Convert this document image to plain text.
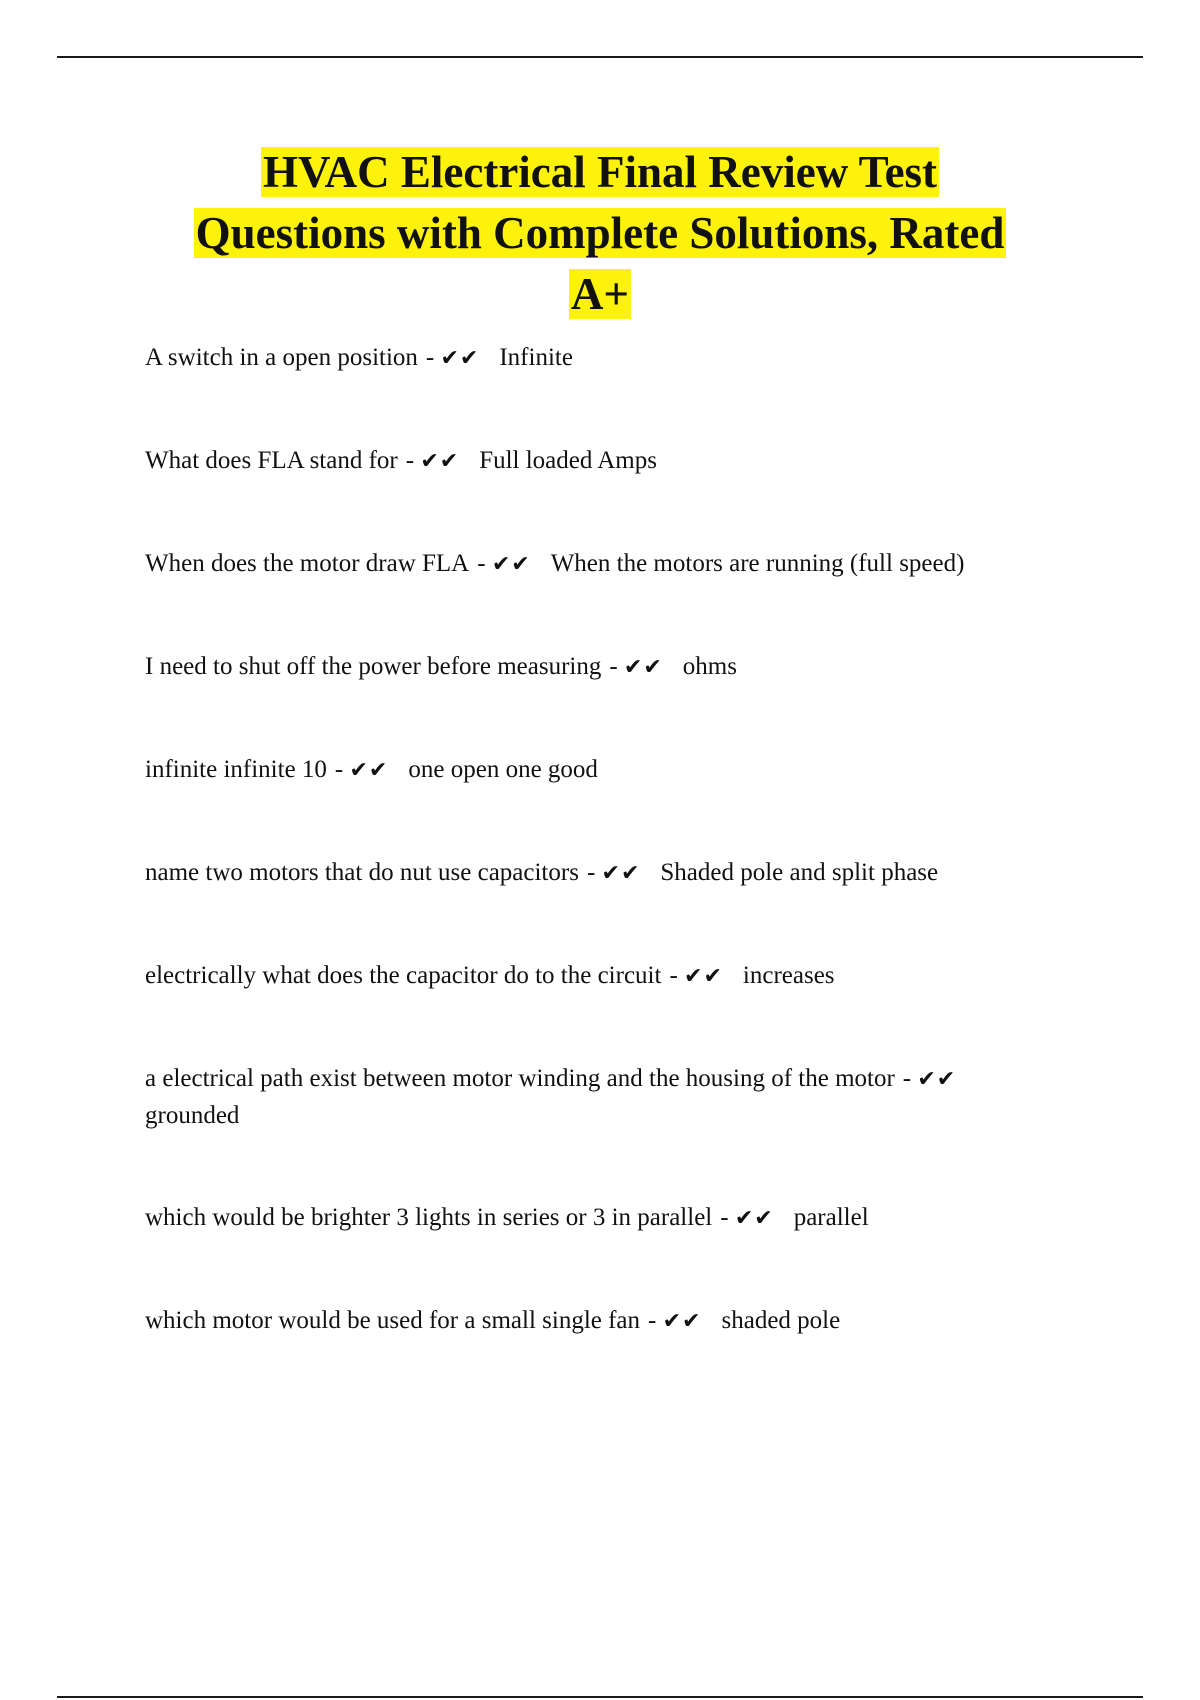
HVAC Electrical Final Review Test
Questions with Complete Solutions, Rated
A+

A switch in a open position - ✔✔ Infinite

What does FLA stand for - ✔✔ Full loaded Amps

When does the motor draw FLA - ✔✔ When the motors are running (full speed)

I need to shut off the power before measuring - ✔✔ ohms

infinite infinite 10 - ✔✔ one open one good

name two motors that do nut use capacitors - ✔✔ Shaded pole and split phase

electrically what does the capacitor do to the circuit - ✔✔ increases

a electrical path exist between motor winding and the housing of the motor - ✔✔
grounded

which would be brighter 3 lights in series or 3 in parallel - ✔✔ parallel

which motor would be used for a small single fan - ✔✔ shaded pole
